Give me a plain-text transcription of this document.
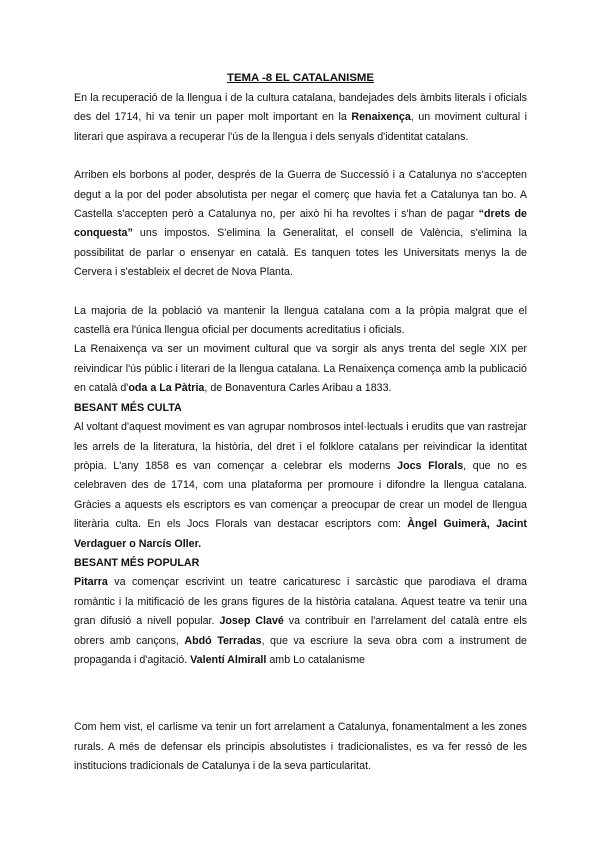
TEMA -8 EL CATALANISME

En la recuperació de la llengua i de la cultura catalana, bandejades dels àmbits literals i oficials des del 1714, hi va tenir un paper molt important en la Renaixença, un moviment cultural i literari que aspirava a recuperar l'ús de la llengua i dels senyals d'identitat catalans.

Arriben els borbons al poder, després de la Guerra de Successió i a Catalunya no s'accepten degut a la por del poder absolutista per negar el comerç que havia fet a Catalunya tan bo. A Castella s'accepten però a Catalunya no, per això hi ha revoltes i s'han de pagar “drets de conquesta” uns impostos. S'elimina la Generalitat, el consell de València, s'elimina la possibilitat de parlar o ensenyar en català. Es tanquen totes les Universitats menys la de Cervera i s'estableix el decret de Nova Planta.

La majoria de la població va mantenir la llengua catalana com a la pròpia malgrat que el castellà era l'única llengua oficial per documents acreditatius i oficials.

La Renaixença va ser un moviment cultural que va sorgir als anys trenta del segle XIX per reivindicar l'ús públic i literari de la llengua catalana. La Renaixença comença amb la publicació en català d'oda a La Pàtria, de Bonaventura Carles Aribau a 1833.

BESANT MÉS CULTA

Al voltant d'aquest moviment es van agrupar nombrosos intel·lectuals i erudits que van rastrejar les arrels de la literatura, la història, del dret i el folklore catalans per reivindicar la identitat pròpia. L'any 1858 es van començar a celebrar els moderns Jocs Florals, que no es celebraven des de 1714, com una plataforma per promoure i difondre la llengua catalana. Gràcies a aquests els escriptors es van començar a preocupar de crear un model de llengua literària culta. En els Jocs Florals van destacar escriptors com: Àngel Guimerà, Jacint Verdaguer o Narcís Oller.

BESANT MÉS POPULAR

Pitarra va començar escrivint un teatre caricaturesc i sarcàstic que parodiava el drama romàntic i la mitificació de les grans figures de la història catalana. Aquest teatre va tenir una gran difusió a nivell popular. Josep Clavé va contribuir en l'arrelament del català entre els obrers amb cançons, Abdó Terradas, que va escriure la seva obra com a instrument de propaganda i d'agitació. Valentí Almirall amb Lo catalanisme

Com hem vist, el carlisme va tenir un fort arrelament a Catalunya, fonamentalment a les zones rurals. A més de defensar els principis absolutistes i tradicionalistes, es va fer ressò de les institucions tradicionals de Catalunya i de la seva particularitat.
